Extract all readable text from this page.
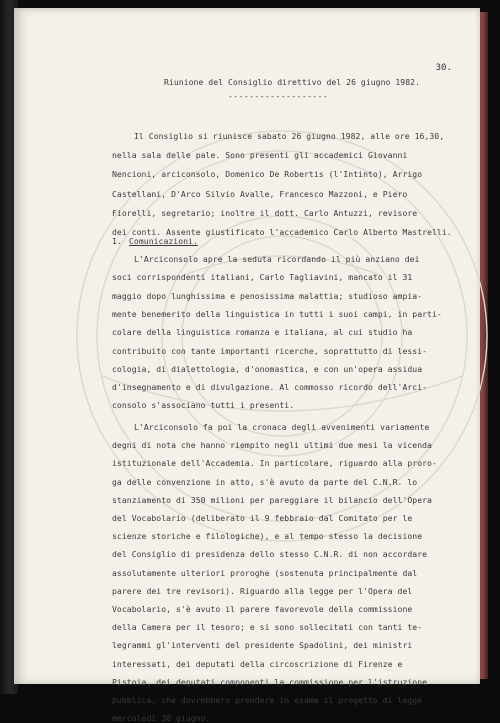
30.
Riunione del Consiglio direttivo del 26 giugno 1982.
-------------------
Il Consiglio si riunisce sabato 26 giugno 1982, alle ore 16,30,
nella sala delle pale. Sono presenti gli accademici Giovanni
Nencioni, arciconsolo, Domenico De Robertis (l'Intinto), Arrigo
Castellani, D'Arco Silvio Avalle, Francesco Mazzoni, e Piero
Fiorelli, segretario; inoltre il dott. Carlo Antuzzi, revisore
dei conti. Assente giustificato l'accademico Carlo Alberto Mastrelli.
1. Comunicazioni.
L'Arciconsolo apre la seduta ricordando il più anziano dei
soci corrispondenti italiani, Carlo Tagliavini, mancato il 31
maggio dopo lunghissima e penosissima malattia; studioso ampia-
mente benemerito della linguistica in tutti i suoi campi, in parti-
colare della linguistica romanza e italiana, al cui studio ha
contribuito con tante importanti ricerche, soprattutto di lessi-
cologia, di dialettologia, d'onomastica, e con un'opera assidua
d'insegnamento e di divulgazione. Al commosso ricordo dell'Arci-
consolo s'associano tutti i presenti.
L'Arciconsolo fa poi la cronaca degli avvenimenti variamente
degni di nota che hanno riempito negli ultimi due mesi la vicenda
istituzionale dell'Accademia. In particolare, riguardo alla proro-
ga delle convenzione in atto, s'è avuto da parte del C.N.R. lo
stanziamento di 350 milioni per pareggiare il bilancio dell'Opera
del Vocabolario (deliberato il 9 febbraio dal Comitato per le
scienze storiche e filologiche), e al tempo stesso la decisione
del Consiglio di presidenza dello stesso C.N.R. di non accordare
assolutamente ulteriori proroghe (sostenuta principalmente dal
parere dei tre revisori). Riguardo alla legge per l'Opera del
Vocabolario, s'è avuto il parere favorevole della commissione
della Camera per il tesoro; e si sono sollecitati con tanti te-
legrammi gl'interventi del presidente Spadolini, dei ministri
interessati, dei deputati della circoscrizione di Firenze e
Pistoia, dei deputati componenti la commissione per l'istruzione
pubblica, che dovrebbero prendere in esame il progetto di legge
mercoledì 30 giugno.
